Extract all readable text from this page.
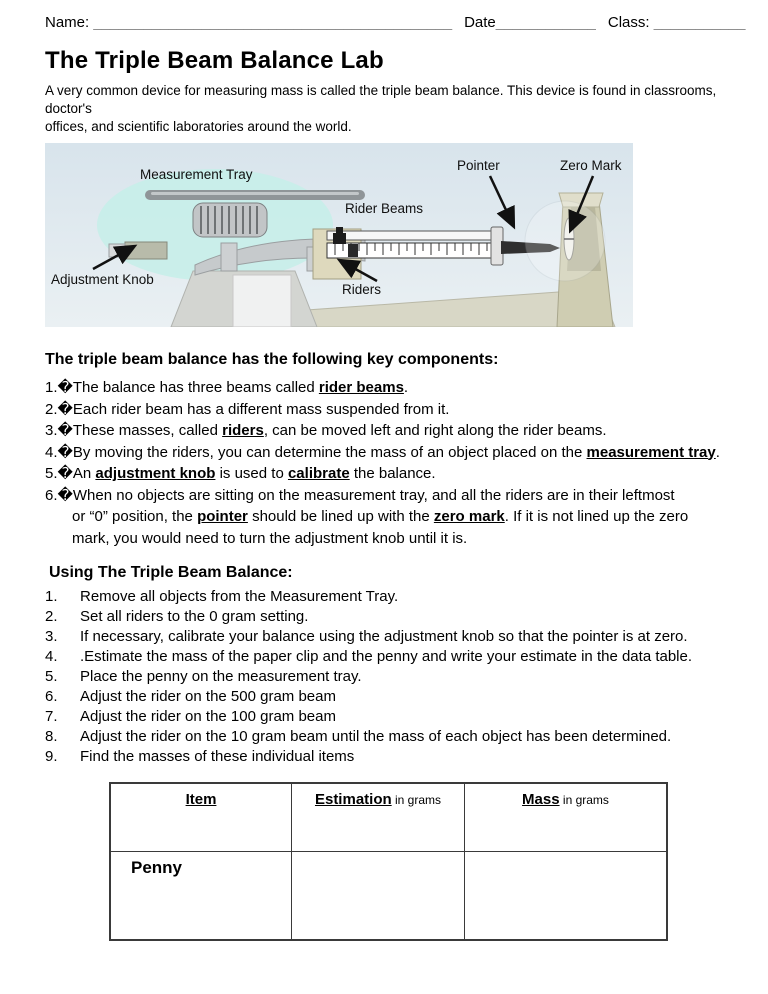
Name: ___________________________________________ Date____________ Class: ___________
The Triple Beam Balance Lab
A very common device for measuring mass is called the triple beam balance. This device is found in classrooms, doctor's
offices, and scientific laboratories around the world.
Measurement Tray
Pointer	Zero Mark
Rider Beams
Adjustment Knob
Riders
The triple beam balance has the following key components:
1.�The balance has three beams called rider beams.
2.�Each rider beam has a different mass suspended from it.
3.�These masses, called riders, can be moved left and right along the rider beams.
4.�By moving the riders, you can determine the mass of an object placed on the measurement tray.
5.�An adjustment knob is used to calibrate the balance.
6.�When no objects are sitting on the measurement tray, and all the riders are in their leftmost
or “0” position, the pointer should be lined up with the zero mark. If it is not lined up the zero
mark, you would need to turn the adjustment knob until it is.
Using The Triple Beam Balance:
1.	Remove all objects from the Measurement Tray.
2.	Set all riders to the 0 gram setting.
3.	If necessary, calibrate your balance using the adjustment knob so that the pointer is at zero.
4.	.Estimate the mass of the paper clip and the penny and write your estimate in the data table.
5.	Place the penny on the measurement tray.
6.	Adjust the rider on the 500 gram beam
7.	Adjust the rider on the 100 gram beam
8.	Adjust the rider on the 10 gram beam until the mass of each object has been determined.
9.	Find the masses of these individual items
Item	Estimation in grams	Mass in grams
Penny		
